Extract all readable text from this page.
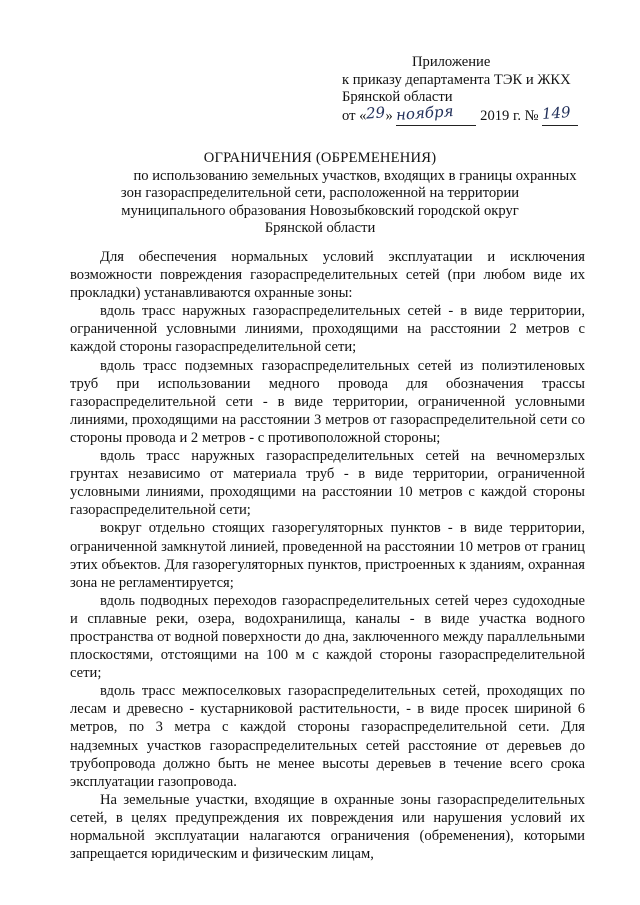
Приложение
к приказу департамента ТЭК и ЖКХ
Брянской области
от «29» ноября 2019 г. № 149
ОГРАНИЧЕНИЯ (ОБРЕМЕНЕНИЯ)
по использованию земельных участков, входящих в границы охранных
зон газораспределительной сети, расположенной на территории
муниципального образования Новозыбковский городской округ
Брянской области

Для обеспечения нормальных условий эксплуатации и исключения возможности повреждения газораспределительных сетей (при любом виде их прокладки) устанавливаются охранные зоны:

вдоль трасс наружных газораспределительных сетей - в виде территории, ограниченной условными линиями, проходящими на расстоянии 2 метров с каждой стороны газораспределительной сети;

вдоль трасс подземных газораспределительных сетей из полиэтиленовых труб при использовании медного провода для обозначения трассы газораспределительной сети - в виде территории, ограниченной условными линиями, проходящими на расстоянии 3 метров от газораспределительной сети со стороны провода и 2 метров - с противоположной стороны;

вдоль трасс наружных газораспределительных сетей на вечномерзлых грунтах независимо от материала труб - в виде территории, ограниченной условными линиями, проходящими на расстоянии 10 метров с каждой стороны газораспределительной сети;

вокруг отдельно стоящих газорегуляторных пунктов - в виде территории, ограниченной замкнутой линией, проведенной на расстоянии 10 метров от границ этих объектов. Для газорегуляторных пунктов, пристроенных к зданиям, охранная зона не регламентируется;

вдоль подводных переходов газораспределительных сетей через судоходные и сплавные реки, озера, водохранилища, каналы - в виде участка водного пространства от водной поверхности до дна, заключенного между параллельными плоскостями, отстоящими на 100 м с каждой стороны газораспределительной сети;

вдоль трасс межпоселковых газораспределительных сетей, проходящих по лесам и древесно - кустарниковой растительности, - в виде просек шириной 6 метров, по 3 метра с каждой стороны газораспределительной сети. Для надземных участков газораспределительных сетей расстояние от деревьев до трубопровода должно быть не менее высоты деревьев в течение всего срока эксплуатации газопровода.

На земельные участки, входящие в охранные зоны газораспределительных сетей, в целях предупреждения их повреждения или нарушения условий их нормальной эксплуатации налагаются ограничения (обременения), которыми запрещается юридическим и физическим лицам,
